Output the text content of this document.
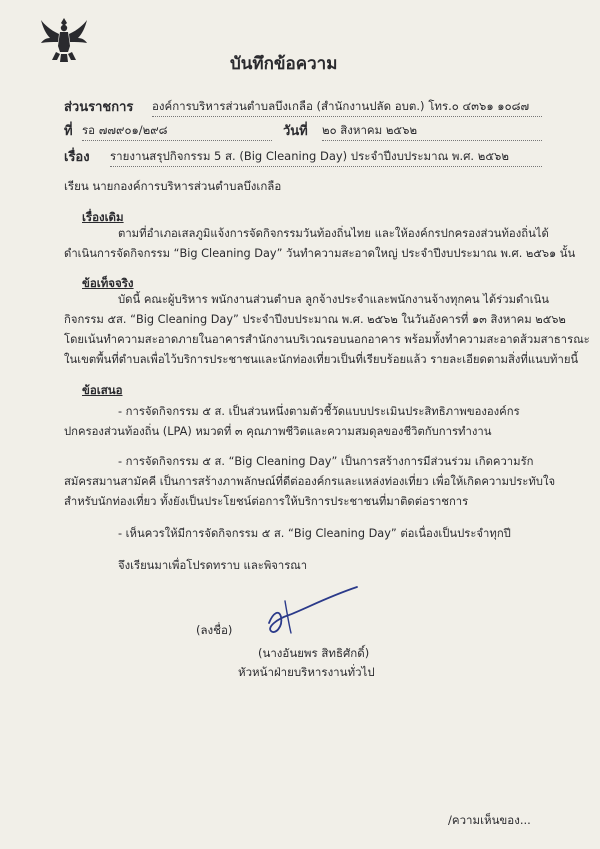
บันทึกข้อความ
ส่วนราชการ องค์การบริหารส่วนตำบลบึงเกลือ (สำนักงานปลัด อบต.) โทร.๐ ๔๓๖๑ ๑๐๘๗
ที่ รอ ๗๗๙๐๑/๒๙๘	วันที่ ๒๐ สิงหาคม ๒๕๖๒
เรื่อง รายงานสรุปกิจกรรม 5 ส. (Big Cleaning Day) ประจำปีงบประมาณ พ.ศ. ๒๕๖๒
เรียน นายกองค์การบริหารส่วนตำบลบึงเกลือ
เรื่องเดิม
ตามที่อำเภอเสลภูมิแจ้งการจัดกิจกรรมวันท้องถิ่นไทย และให้องค์กรปกครองส่วนท้องถิ่นได้
ดำเนินการจัดกิจกรรม “Big Cleaning Day” วันทำความสะอาดใหญ่ ประจำปีงบประมาณ พ.ศ. ๒๕๖๑ นั้น
ข้อเท็จจริง
บัดนี้ คณะผู้บริหาร พนักงานส่วนตำบล ลูกจ้างประจำและพนักงานจ้างทุกคน ได้ร่วมดำเนิน
กิจกรรม ๕ส. “Big Cleaning Day” ประจำปีงบประมาณ พ.ศ. ๒๕๖๒ ในวันอังคารที่ ๑๓ สิงหาคม ๒๕๖๒
โดยเน้นทำความสะอาดภายในอาคารสำนักงานบริเวณรอบนอกอาคาร พร้อมทั้งทำความสะอาดส้วมสาธารณะ
ในเขตพื้นที่ตำบลเพื่อไว้บริการประชาชนและนักท่องเที่ยวเป็นที่เรียบร้อยแล้ว รายละเอียดตามสิ่งที่แนบท้ายนี้
ข้อเสนอ
- การจัดกิจกรรม ๕ ส. เป็นส่วนหนึ่งตามตัวชี้วัดแบบประเมินประสิทธิภาพขององค์กร
ปกครองส่วนท้องถิ่น (LPA) หมวดที่ ๓ คุณภาพชีวิตและความสมดุลของชีวิตกับการทำงาน
- การจัดกิจกรรม ๕ ส. “Big Cleaning Day” เป็นการสร้างการมีส่วนร่วม เกิดความรัก
สมัครสมานสามัคคี เป็นการสร้างภาพลักษณ์ที่ดีต่อองค์กรและแหล่งท่องเที่ยว เพื่อให้เกิดความประทับใจ
สำหรับนักท่องเที่ยว ทั้งยังเป็นประโยชน์ต่อการให้บริการประชาชนที่มาติดต่อราชการ
- เห็นควรให้มีการจัดกิจกรรม ๕ ส. “Big Cleaning Day” ต่อเนื่องเป็นประจำทุกปี
จึงเรียนมาเพื่อโปรดทราบ และพิจารณา
(ลงชื่อ)
(นางอันยพร สิทธิศักดิ์)
หัวหน้าฝ่ายบริหารงานทั่วไป
/ความเห็นของ...
